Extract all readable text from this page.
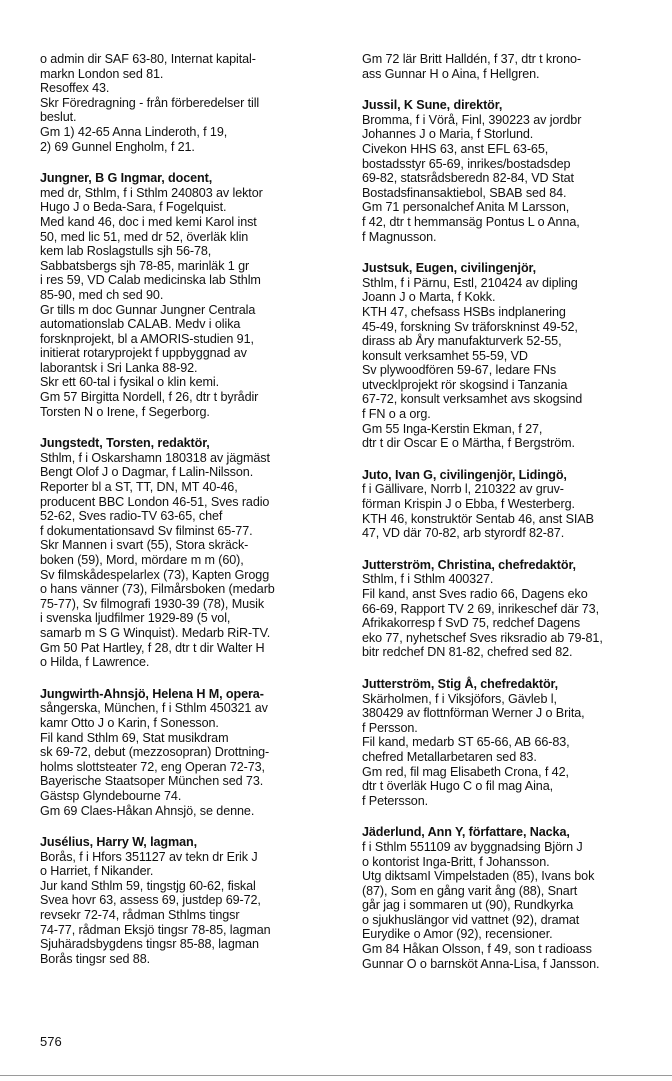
o admin dir SAF 63-80, Internat kapital-
markn London sed 81.
Resoffex 43.
Skr Föredragning - från förberedelser till
beslut.
Gm 1) 42-65 Anna Linderoth, f 19,
2) 69 Gunnel Engholm, f 21.
Jungner, B G Ingmar, docent,
med dr, Sthlm, f i Sthlm 240803 av lektor
Hugo J o Beda-Sara, f Fogelquist.
Med kand 46, doc i med kemi Karol inst
50, med lic 51, med dr 52, överläk klin
kem lab Roslagstulls sjh 56-78,
Sabbatsbergs sjh 78-85, marinläk 1 gr
i res 59, VD Calab medicinska lab Sthlm
85-90, med ch sed 90.
Gr tills m doc Gunnar Jungner Centrala
automationslab CALAB. Medv i olika
forsknprojekt, bl a AMORIS-studien 91,
initierat rotaryprojekt f uppbyggnad av
laborantsk i Sri Lanka 88-92.
Skr ett 60-tal i fysikal o klin kemi.
Gm 57 Birgitta Nordell, f 26, dtr t byrådir
Torsten N o Irene, f Segerborg.
Jungstedt, Torsten, redaktör,
Sthlm, f i Oskarshamn 180318 av jägmäst
Bengt Olof J o Dagmar, f Lalin-Nilsson.
Reporter bl a ST, TT, DN, MT 40-46,
producent BBC London 46-51, Sves radio
52-62, Sves radio-TV 63-65, chef
f dokumentationsavd Sv filminst 65-77.
Skr Mannen i svart (55), Stora skräck-
boken (59), Mord, mördare m m (60),
Sv filmskådespelarlex (73), Kapten Grogg
o hans vänner (73), Filmårsboken (medarb
75-77), Sv filmografi 1930-39 (78), Musik
i svenska ljudfilmer 1929-89 (5 vol,
samarb m S G Winquist). Medarb RiR-TV.
Gm 50 Pat Hartley, f 28, dtr t dir Walter H
o Hilda, f Lawrence.
Jungwirth-Ahnsjö, Helena H M, opera-
sångerska, München, f i Sthlm 450321 av
kamr Otto J o Karin, f Sonesson.
Fil kand Sthlm 69, Stat musikdram
sk 69-72, debut (mezzosopran) Drottning-
holms slottsteater 72, eng Operan 72-73,
Bayerische Staatsoper München sed 73.
Gästsp Glyndebourne 74.
Gm 69 Claes-Håkan Ahnsjö, se denne.
Jusélius, Harry W, lagman,
Borås, f i Hfors 351127 av tekn dr Erik J
o Harriet, f Nikander.
Jur kand Sthlm 59, tingstjg 60-62, fiskal
Svea hovr 63, assess 69, justdep 69-72,
revsekr 72-74, rådman Sthlms tingsr
74-77, rådman Eksjö tingsr 78-85, lagman
Sjuhäradsbygdens tingsr 85-88, lagman
Borås tingsr sed 88.
Gm 72 lär Britt Halldén, f 37, dtr t krono-
ass Gunnar H o Aina, f Hellgren.
Jussil, K Sune, direktör,
Bromma, f i Vörå, Finl, 390223 av jordbr
Johannes J o Maria, f Storlund.
Civekon HHS 63, anst EFL 63-65,
bostadsstyr 65-69, inrikes/bostadsdep
69-82, statsrådsberedn 82-84, VD Stat
Bostadsfinansaktiebol, SBAB sed 84.
Gm 71 personalchef Anita M Larsson,
f 42, dtr t hemmansäg Pontus L o Anna,
f Magnusson.
Justsuk, Eugen, civilingenjör,
Sthlm, f i Pärnu, Estl, 210424 av dipling
Joann J o Marta, f Kokk.
KTH 47, chefsass HSBs indplanering
45-49, forskning Sv träforskninst 49-52,
dirass ab Åry manufakturverk 52-55,
konsult verksamhet 55-59, VD
Sv plywoodfören 59-67, ledare FNs
utvecklprojekt rör skogsind i Tanzania
67-72, konsult verksamhet avs skogsind
f FN o a org.
Gm 55 Inga-Kerstin Ekman, f 27,
dtr t dir Oscar E o Märtha, f Bergström.
Juto, Ivan G, civilingenjör, Lidingö,
f i Gällivare, Norrb l, 210322 av gruv-
förman Krispin J o Ebba, f Westerberg.
KTH 46, konstruktör Sentab 46, anst SIAB
47, VD där 70-82, arb styrordf 82-87.
Jutterström, Christina, chefredaktör,
Sthlm, f i Sthlm 400327.
Fil kand, anst Sves radio 66, Dagens eko
66-69, Rapport TV 2 69, inrikeschef där 73,
Afrikakorresp f SvD 75, redchef Dagens
eko 77, nyhetschef Sves riksradio ab 79-81,
bitr redchef DN 81-82, chefred sed 82.
Jutterström, Stig Å, chefredaktör,
Skärholmen, f i Viksjöfors, Gävleb l,
380429 av flottnförman Werner J o Brita,
f Persson.
Fil kand, medarb ST 65-66, AB 66-83,
chefred Metallarbetaren sed 83.
Gm red, fil mag Elisabeth Crona, f 42,
dtr t överläk Hugo C o fil mag Aina,
f Petersson.
Jäderlund, Ann Y, författare, Nacka,
f i Sthlm 551109 av byggnadsing Björn J
o kontorist Inga-Britt, f Johansson.
Utg diktsamI Vimpelstaden (85), Ivans bok
(87), Som en gång varit ång (88), Snart
går jag i sommaren ut (90), Rundkyrka
o sjukhuslängor vid vattnet (92), dramat
Eurydike o Amor (92), recensioner.
Gm 84 Håkan Olsson, f 49, son t radioass
Gunnar O o barnsköt Anna-Lisa, f Jansson.
576
